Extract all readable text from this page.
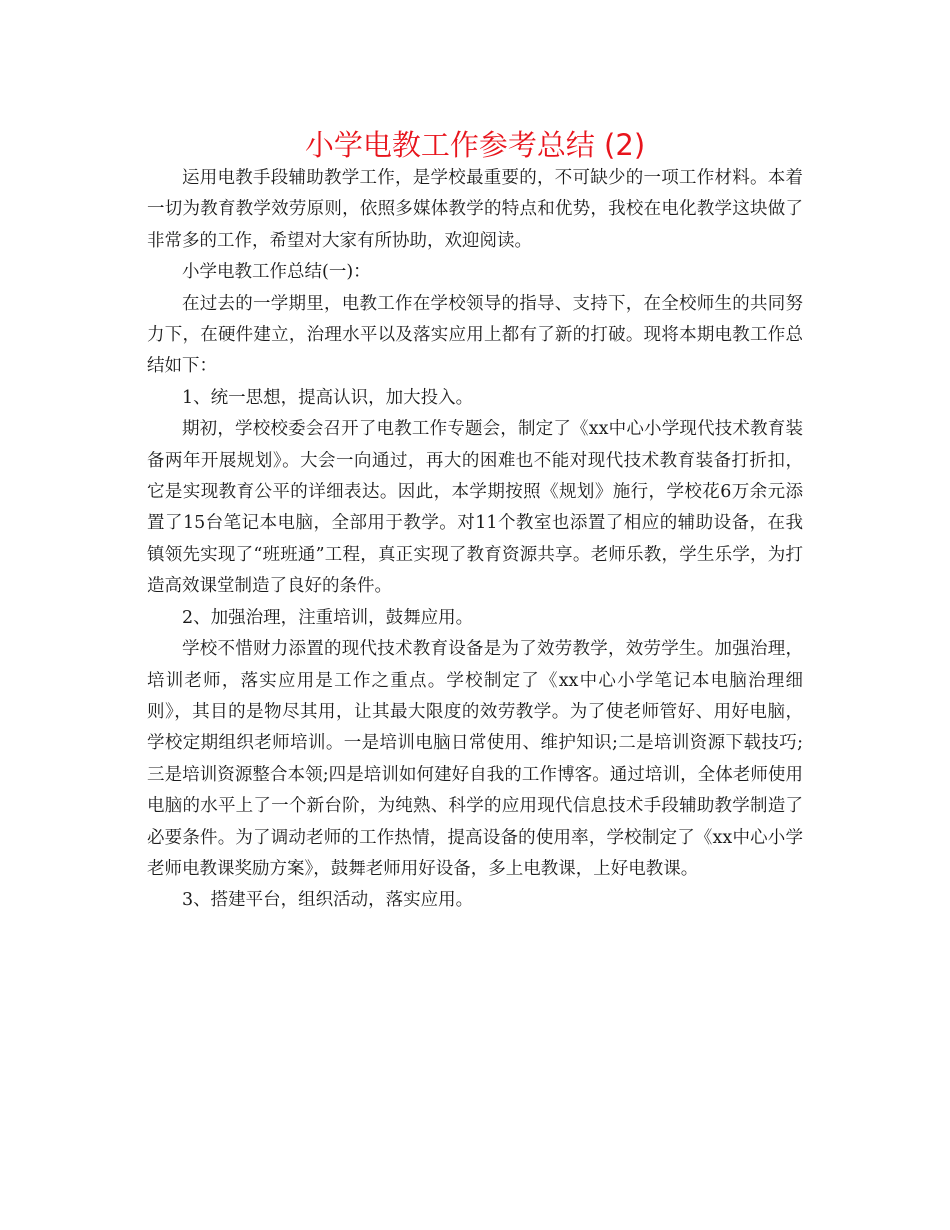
小学电教工作参考总结 (2)

运用电教手段辅助教学工作，是学校最重要的，不可缺少的一项工作材料。本着一切为教育教学效劳原则，依照多媒体教学的特点和优势，我校在电化教学这块做了非常多的工作，希望对大家有所协助，欢迎阅读。

小学电教工作总结(一)：

在过去的一学期里，电教工作在学校领导的指导、支持下，在全校师生的共同努力下，在硬件建立，治理水平以及落实应用上都有了新的打破。现将本期电教工作总结如下：

1、统一思想，提高认识，加大投入。

期初，学校校委会召开了电教工作专题会，制定了《xx中心小学现代技术教育装备两年开展规划》。大会一向通过，再大的困难也不能对现代技术教育装备打折扣，它是实现教育公平的详细表达。因此，本学期按照《规划》施行，学校花6万余元添置了15台笔记本电脑，全部用于教学。对11个教室也添置了相应的辅助设备，在我镇领先实现了“班班通”工程，真正实现了教育资源共享。老师乐教，学生乐学，为打造高效课堂制造了良好的条件。

2、加强治理，注重培训，鼓舞应用。

学校不惜财力添置的现代技术教育设备是为了效劳教学，效劳学生。加强治理，培训老师，落实应用是工作之重点。学校制定了《xx中心小学笔记本电脑治理细则》，其目的是物尽其用，让其最大限度的效劳教学。为了使老师管好、用好电脑，学校定期组织老师培训。一是培训电脑日常使用、维护知识;二是培训资源下载技巧;三是培训资源整合本领;四是培训如何建好自我的工作博客。通过培训，全体老师使用电脑的水平上了一个新台阶，为纯熟、科学的应用现代信息技术手段辅助教学制造了必要条件。为了调动老师的工作热情，提高设备的使用率，学校制定了《xx中心小学老师电教课奖励方案》，鼓舞老师用好设备，多上电教课，上好电教课。

3、搭建平台，组织活动，落实应用。
